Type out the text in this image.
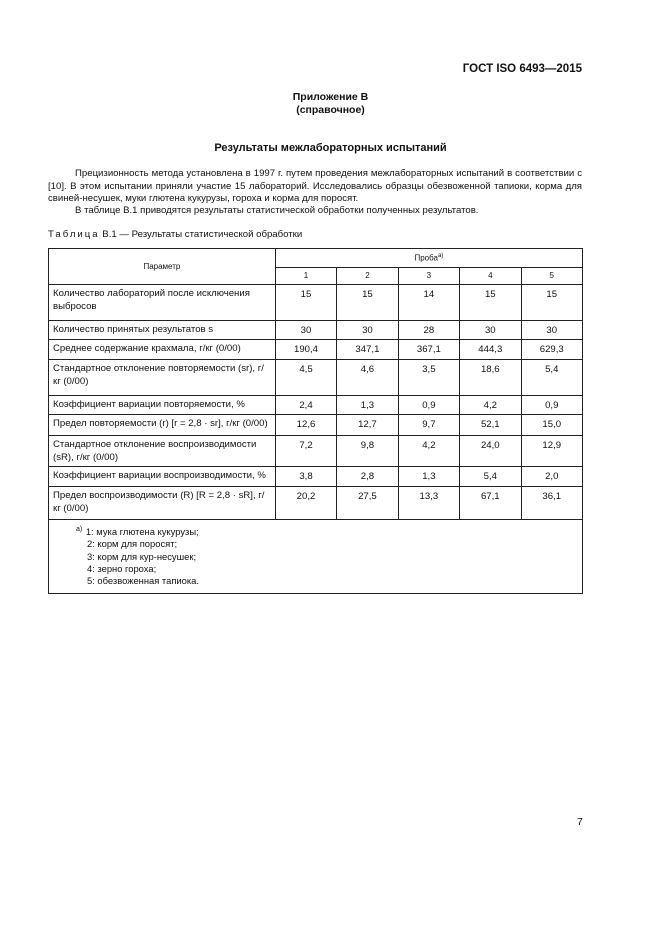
ГОСТ ISO 6493—2015
Приложение В
(справочное)
Результаты межлабораторных испытаний

Прецизионность метода установлена в 1997 г. путем проведения межлабораторных испытаний в соответствии с [10]. В этом испытании приняли участие 15 лабораторий. Исследовались образцы обезвоженной тапиоки, корма для свиней-несушек, муки глютена кукурузы, гороха и корма для поросят.

В таблице В.1 приводятся результаты статистической обработки полученных результатов.

Таблица В.1 — Результаты статистической обработки
Параметр	Проба$^{а)}$
	1	2	3	4	5
Количество лабораторий после исключения выбросов	15	15	14	15	15
Количество принятых результатов s	30	30	28	30	30
Среднее содержание крахмала, г/кг (0/00)	190,4	347,1	367,1	444,3	629,3
Стандартное отклонение повторяемости (sr), г/кг (0/00)	4,5	4,6	3,5	18,6	5,4
Коэффициент вариации повторяемости, %	2,4	1,3	0,9	4,2	0,9
Предел повторяемости (r) [r = 2,8 · sr], г/кг (0/00)	12,6	12,7	9,7	52,1	15,0
Стандартное отклонение воспроизводимости (sR), г/кг (0/00)	7,2	9,8	4,2	24,0	12,9
Коэффициент вариации воспроизводимости, %	3,8	2,8	1,3	5,4	2,0
Предел воспроизводимости (R) [R = 2,8 · sR], г/кг (0/00)	20,2	27,5	13,3	67,1	36,1

$^{а)}$ 1: мука глютена кукурузы;
2: корм для поросят;
3: корм для кур-несушек;
4: зерно гороха;
5: обезвоженная тапиока.					
7
